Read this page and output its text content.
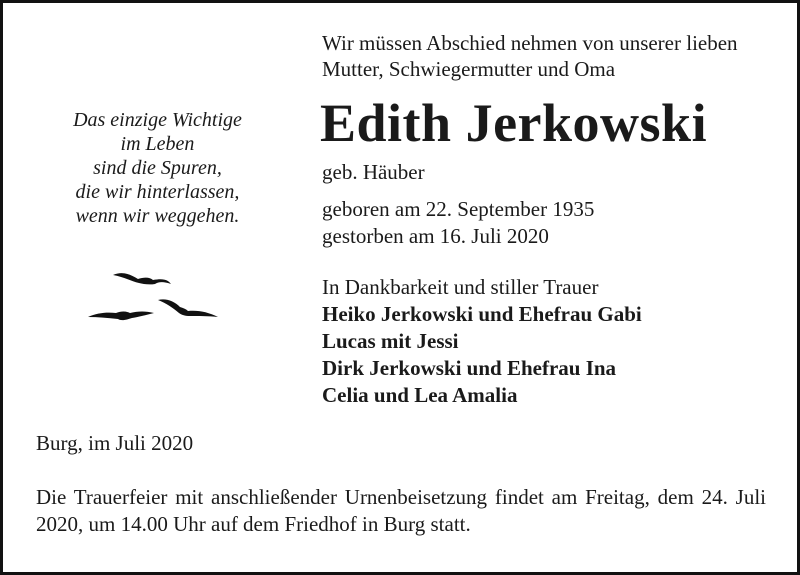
Wir müssen Abschied nehmen von unserer lieben
Mutter, Schwiegermutter und Oma
Edith Jerkowski
geb. Häuber
geboren am 22. September 1935
gestorben am 16. Juli 2020
Das einzige Wichtige
im Leben
sind die Spuren,
die wir hinterlassen,
wenn wir weggehen.
In Dankbarkeit und stiller Trauer
Heiko Jerkowski und Ehefrau Gabi
Lucas mit Jessi
Dirk Jerkowski und Ehefrau Ina
Celia und Lea Amalia
Burg, im Juli 2020
Die Trauerfeier mit anschließender Urnenbeisetzung findet am Freitag, dem 24. Juli 2020, um 14.00 Uhr auf dem Friedhof in Burg statt.
